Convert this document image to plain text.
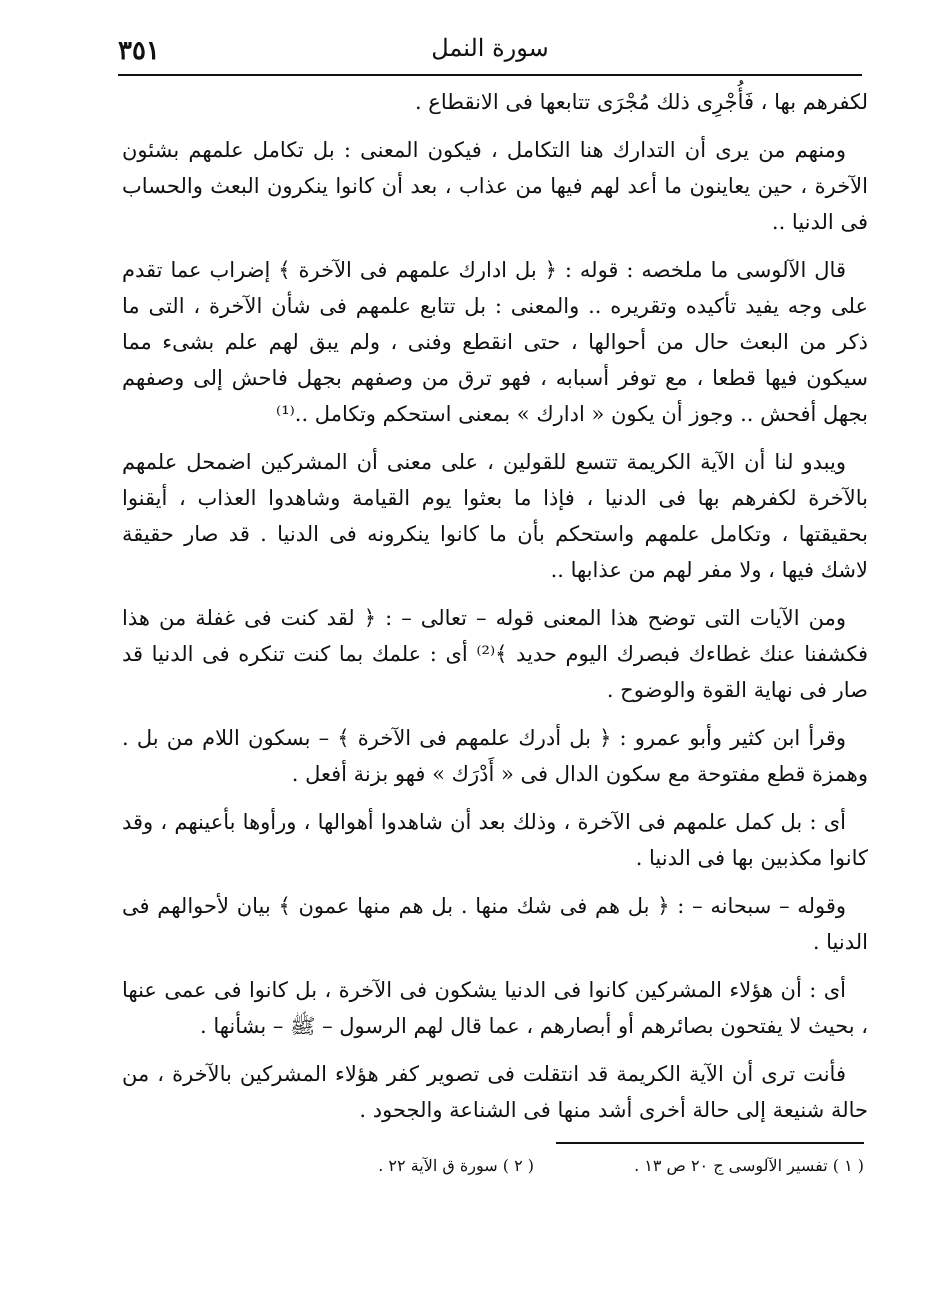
٣٥١	سورة النمل

لكفرهم بها ، فَأُجْرِى ذلك مُجْرَى تتابعها فى الانقطاع .

ومنهم من يرى أن التدارك هنا التكامل ، فيكون المعنى : بل تكامل علمهم بشئون الآخرة ، حين يعاينون ما أعد لهم فيها من عذاب ، بعد أن كانوا ينكرون البعث والحساب فى الدنيا ..

قال الآلوسى ما ملخصه : قوله : ﴿ بل ادارك علمهم فى الآخرة ﴾ إضراب عما تقدم على وجه يفيد تأكيده وتقريره .. والمعنى : بل تتابع علمهم فى شأن الآخرة ، التى ما ذكر من البعث حال من أحوالها ، حتى انقطع وفنى ، ولم يبق لهم علم بشىء مما سيكون فيها قطعا ، مع توفر أسبابه ، فهو ترق من وصفهم بجهل فاحش إلى وصفهم بجهل أفحش .. وجوز أن يكون « ادارك » بمعنى استحكم وتكامل ..⁽¹⁾

ويبدو لنا أن الآية الكريمة تتسع للقولين ، على معنى أن المشركين اضمحل علمهم بالآخرة لكفرهم بها فى الدنيا ، فإذا ما بعثوا يوم القيامة وشاهدوا العذاب ، أيقنوا بحقيقتها ، وتكامل علمهم واستحكم بأن ما كانوا ينكرونه فى الدنيا . قد صار حقيقة لاشك فيها ، ولا مفر لهم من عذابها ..

ومن الآيات التى توضح هذا المعنى قوله – تعالى – : ﴿ لقد كنت فى غفلة من هذا فكشفنا عنك غطاءك فبصرك اليوم حديد ﴾⁽²⁾ أى : علمك بما كنت تنكره فى الدنيا قد صار فى نهاية القوة والوضوح .

وقرأ ابن كثير وأبو عمرو : ﴿ بل أدرك علمهم فى الآخرة ﴾ – بسكون اللام من بل . وهمزة قطع مفتوحة مع سكون الدال فى « أَدْرَك » فهو بزنة أفعل .

أى : بل كمل علمهم فى الآخرة ، وذلك بعد أن شاهدوا أهوالها ، ورأوها بأعينهم ، وقد كانوا مكذبين بها فى الدنيا .

وقوله – سبحانه – : ﴿ بل هم فى شك منها . بل هم منها عمون ﴾ بيان لأحوالهم فى الدنيا .

أى : أن هؤلاء المشركين كانوا فى الدنيا يشكون فى الآخرة ، بل كانوا فى عمى عنها ، بحيث لا يفتحون بصائرهم أو أبصارهم ، عما قال لهم الرسول – ﷺ – بشأنها .

فأنت ترى أن الآية الكريمة قد انتقلت فى تصوير كفر هؤلاء المشركين بالآخرة ، من حالة شنيعة إلى حالة أخرى أشد منها فى الشناعة والجحود .

( ١ ) تفسير الآلوسى ج ٢٠ ص ١٣ .
( ٢ ) سورة ق الآية ٢٢ .
